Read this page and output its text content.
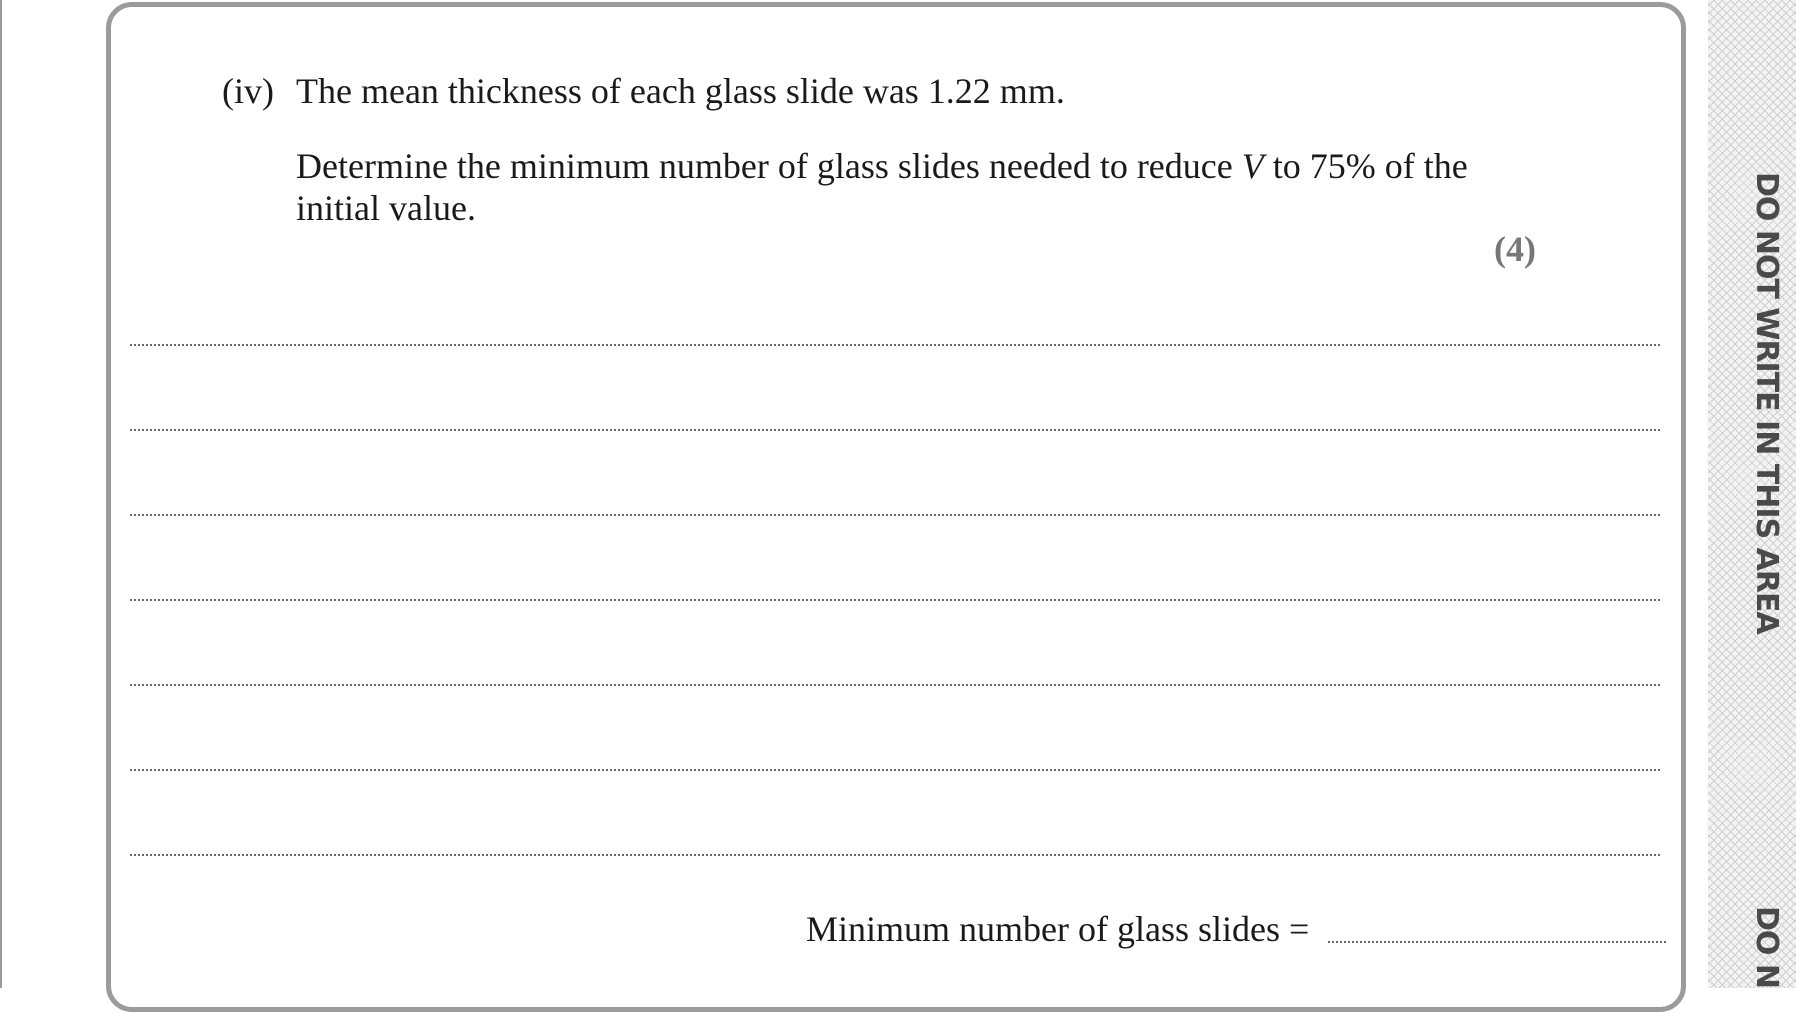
(iv) The mean thickness of each glass slide was 1.22 mm.
Determine the minimum number of glass slides needed to reduce V to 75% of the initial value.
(4)
Minimum number of glass slides =
DO NOT WRITE IN THIS AREA
DO N
